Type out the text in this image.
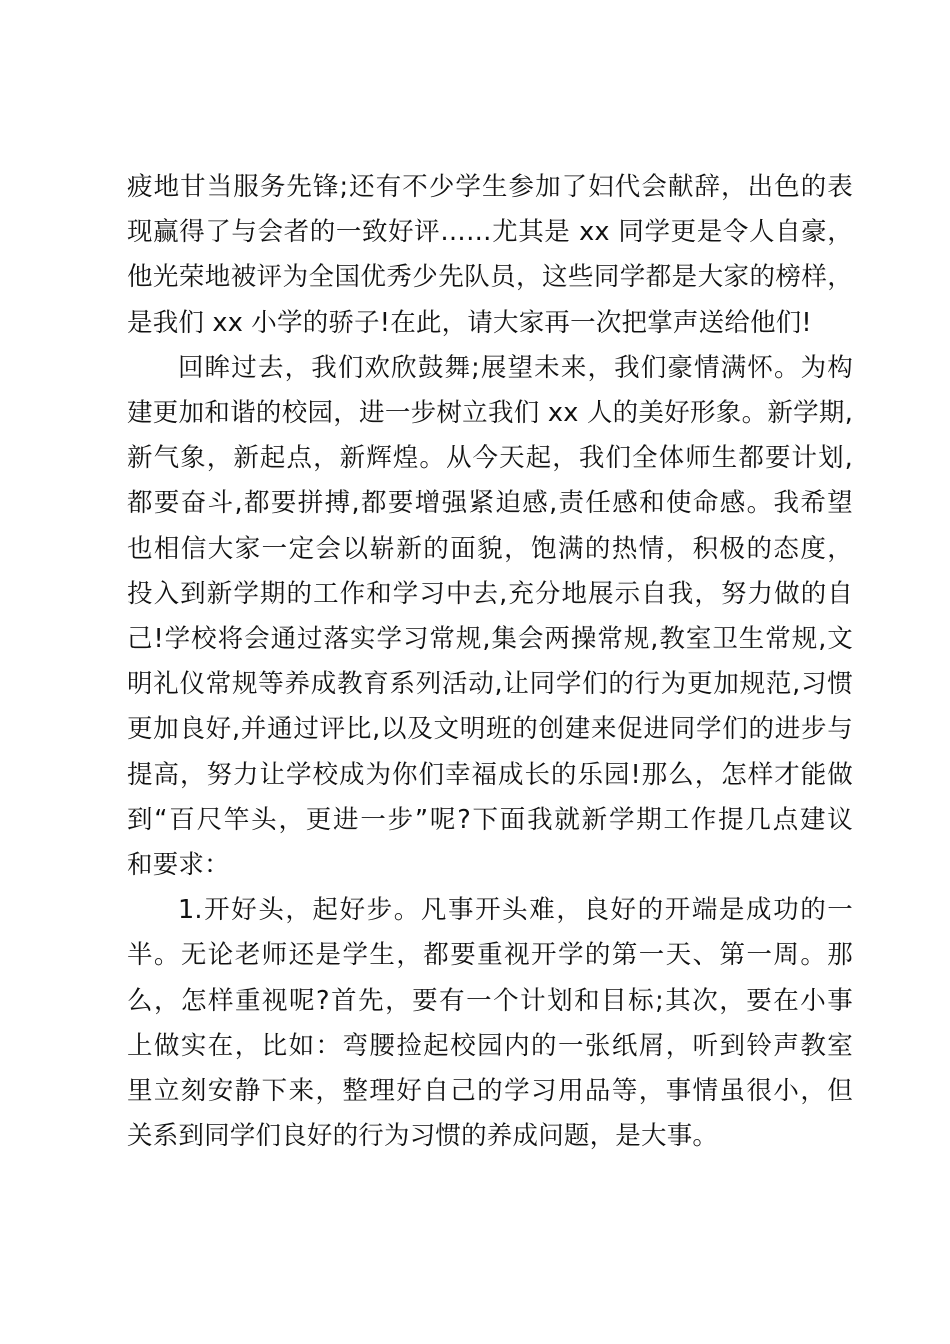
疲地甘当服务先锋;还有不少学生参加了妇代会献辞，出色的表
现赢得了与会者的一致好评……尤其是 xx 同学更是令人自豪，
他光荣地被评为全国优秀少先队员，这些同学都是大家的榜样，
是我们 xx 小学的骄子!在此，请大家再一次把掌声送给他们!
回眸过去，我们欢欣鼓舞;展望未来，我们豪情满怀。为构
建更加和谐的校园，进一步树立我们 xx 人的美好形象。新学期,
新气象，新起点，新辉煌。从今天起，我们全体师生都要计划,
都要奋斗,都要拼搏,都要增强紧迫感,责任感和使命感。我希望
也相信大家一定会以崭新的面貌，饱满的热情，积极的态度，
投入到新学期的工作和学习中去,充分地展示自我，努力做的自
己!学校将会通过落实学习常规,集会两操常规,教室卫生常规,文
明礼仪常规等养成教育系列活动,让同学们的行为更加规范,习惯
更加良好,并通过评比,以及文明班的创建来促进同学们的进步与
提高，努力让学校成为你们幸福成长的乐园!那么，怎样才能做
到“百尺竿头，更进一步”呢?下面我就新学期工作提几点建议
和要求：
1.开好头，起好步。凡事开头难，良好的开端是成功的一
半。无论老师还是学生，都要重视开学的第一天、第一周。那
么，怎样重视呢?首先，要有一个计划和目标;其次，要在小事
上做实在，比如：弯腰捡起校园内的一张纸屑，听到铃声教室
里立刻安静下来，整理好自己的学习用品等，事情虽很小，但
关系到同学们良好的行为习惯的养成问题，是大事。
